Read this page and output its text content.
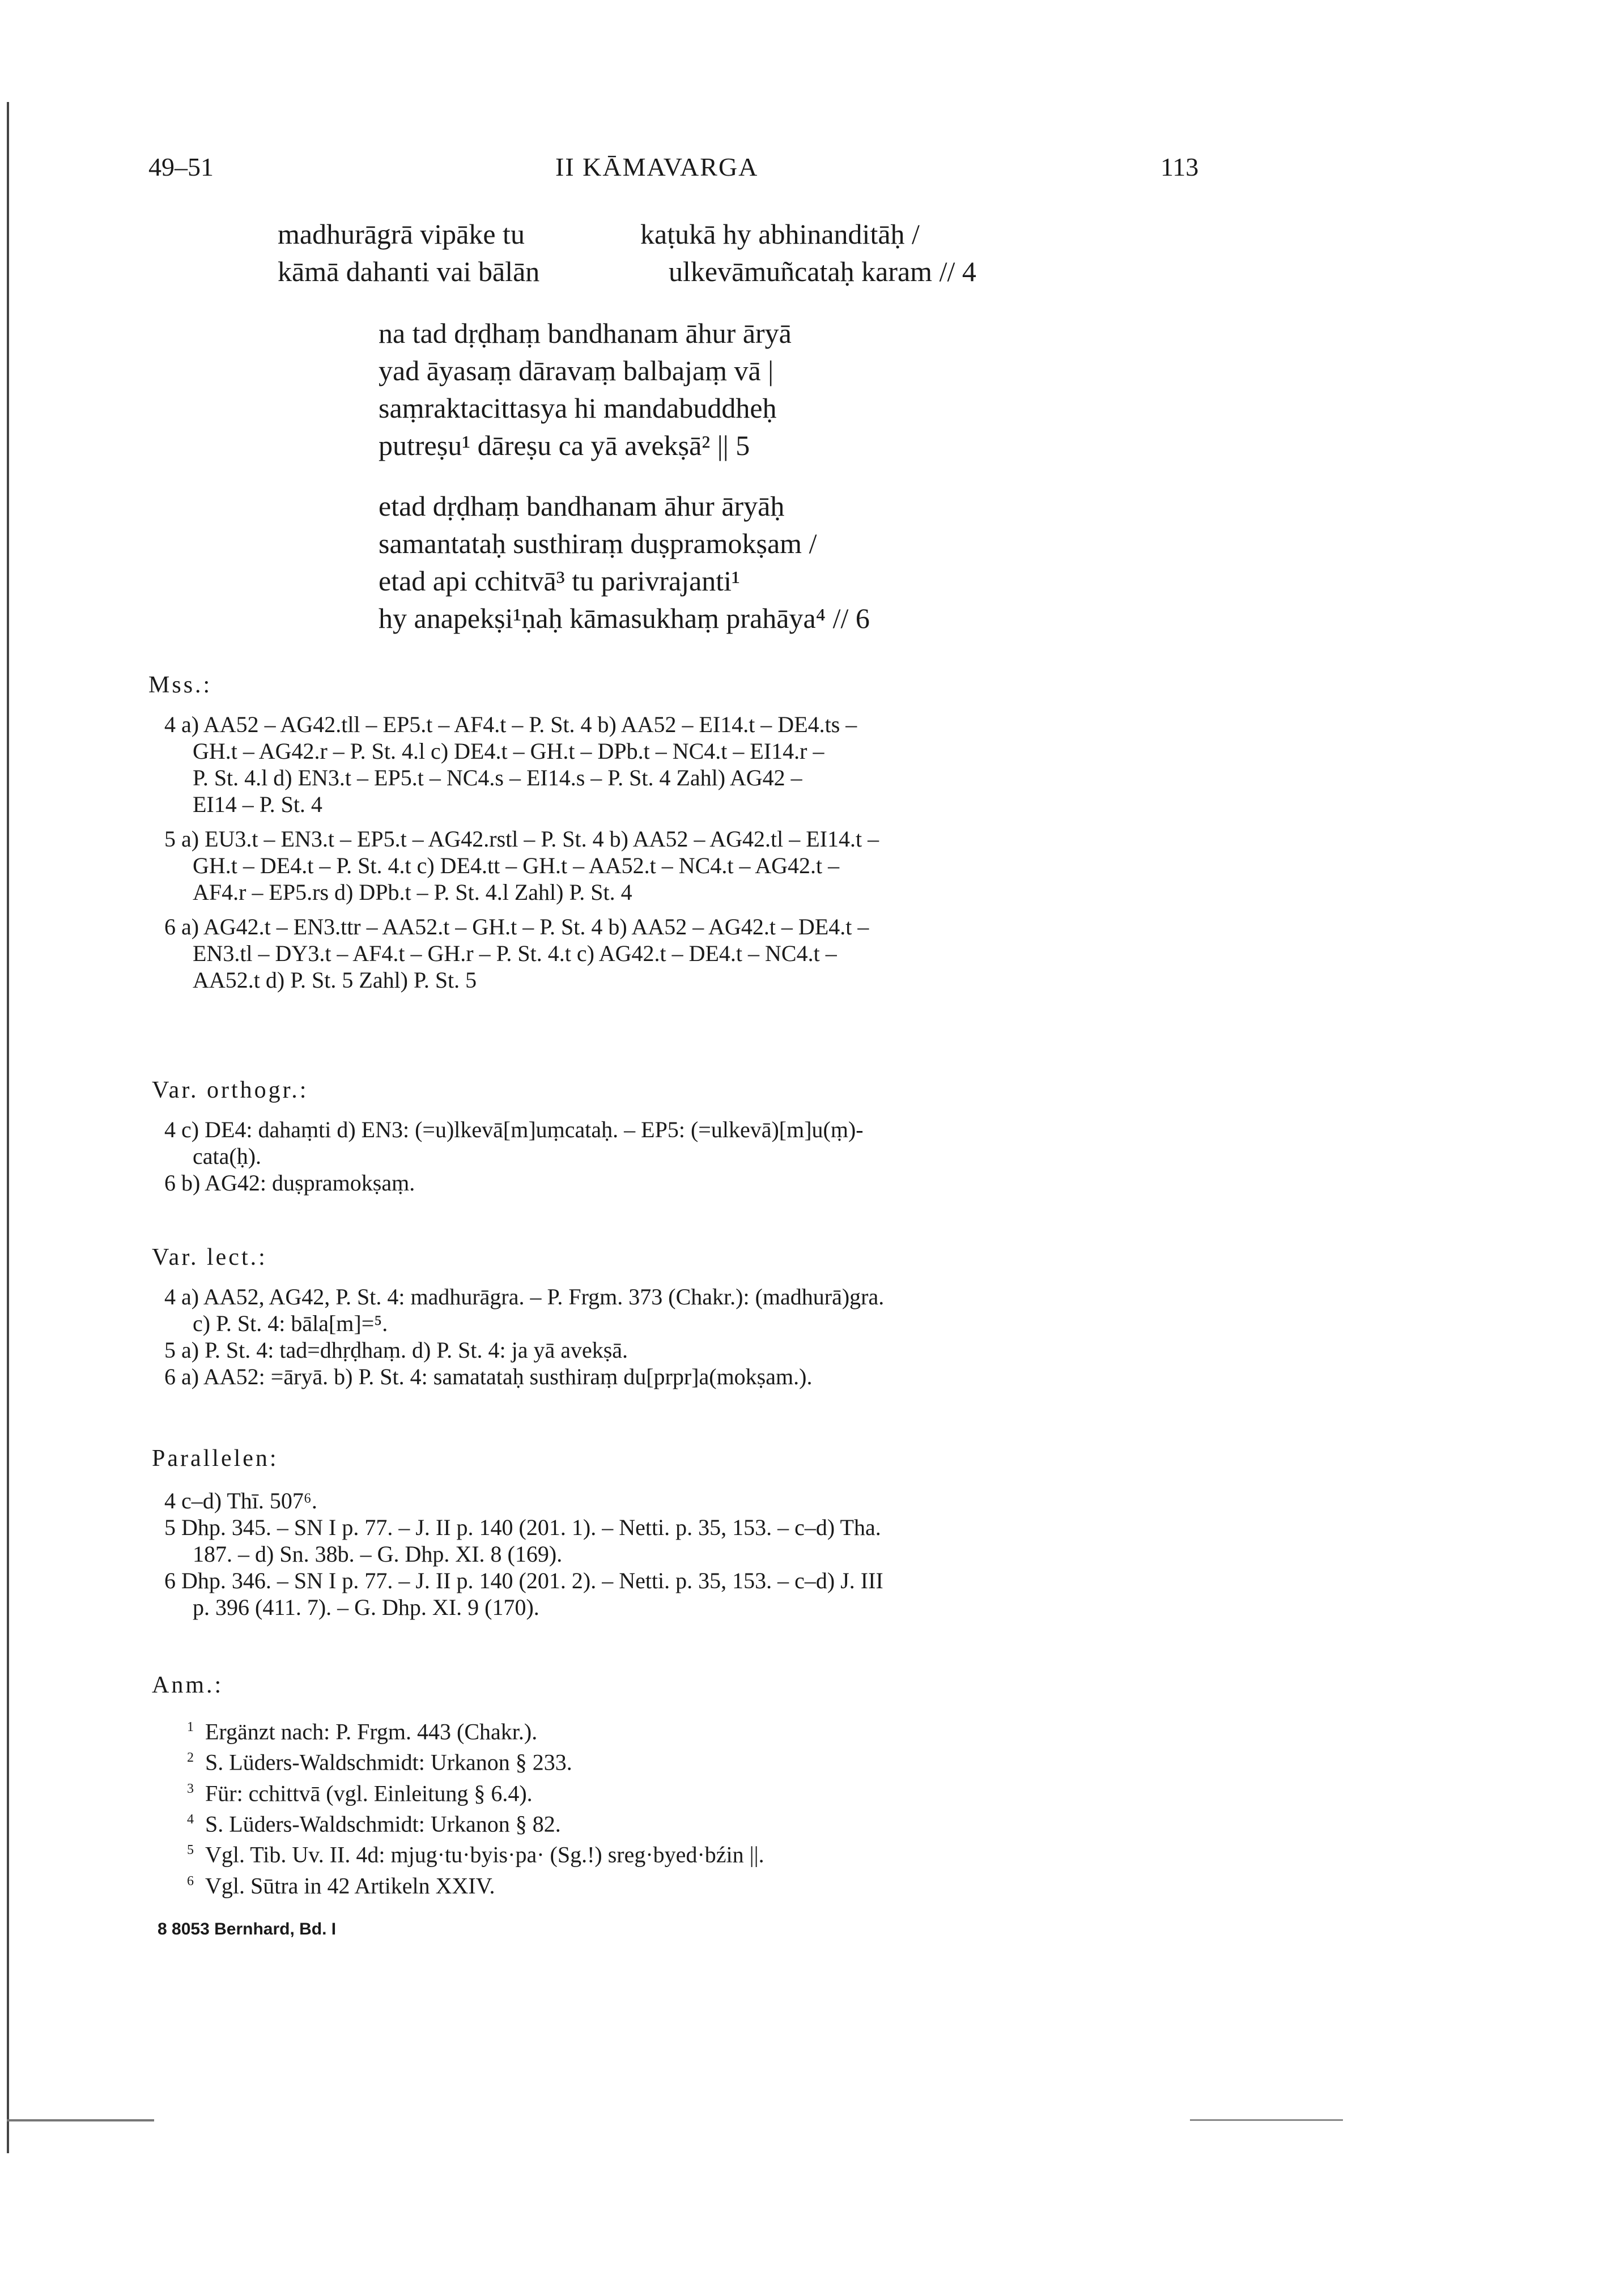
49–51	II KĀMAVARGA	113
madhurāgrā vipāke tu	kaṭukā hy abhinanditāḥ /
kāmā dahanti vai bālān	ulkevāmuñcataḥ karam // 4
na tad dṛḍhaṃ bandhanam āhur āryā
yad āyasaṃ dāravaṃ balbajaṃ vā |
saṃraktacittasya hi mandabuddheḥ
putreṣu¹ dāreṣu ca yā avekṣā² || 5
etad dṛḍhaṃ bandhanam āhur āryāḥ
samantataḥ susthiraṃ duṣpramokṣam /
etad api cchitvā³ tu parivrajanti¹
hy anapekṣi¹ṇaḥ kāmasukhaṃ prahāya⁴ // 6
Mss.:
4 a) AA52 – AG42.tll – EP5.t – AF4.t – P. St. 4 b) AA52 – EI14.t – DE4.ts –
GH.t – AG42.r – P. St. 4.l c) DE4.t – GH.t – DPb.t – NC4.t – EI14.r –
P. St. 4.l d) EN3.t – EP5.t – NC4.s – EI14.s – P. St. 4 Zahl) AG42 –
EI14 – P. St. 4
5 a) EU3.t – EN3.t – EP5.t – AG42.rstl – P. St. 4 b) AA52 – AG42.tl – EI14.t –
GH.t – DE4.t – P. St. 4.t c) DE4.tt – GH.t – AA52.t – NC4.t – AG42.t –
AF4.r – EP5.rs d) DPb.t – P. St. 4.l Zahl) P. St. 4
6 a) AG42.t – EN3.ttr – AA52.t – GH.t – P. St. 4 b) AA52 – AG42.t – DE4.t –
EN3.tl – DY3.t – AF4.t – GH.r – P. St. 4.t c) AG42.t – DE4.t – NC4.t –
AA52.t d) P. St. 5 Zahl) P. St. 5
Var. orthogr.:
4 c) DE4: dahaṃti d) EN3: (=u)lkevā[m]uṃcataḥ. – EP5: (=ulkevā)[m]u(ṃ)-
cata(ḥ).
6 b) AG42: duṣpramokṣaṃ.
Var. lect.:
4 a) AA52, AG42, P. St. 4: madhurāgra. – P. Frgm. 373 (Chakr.): (madhurā)gra.
c) P. St. 4: bāla[m]=⁵.
5 a) P. St. 4: tad=dhṛḍhaṃ. d) P. St. 4: ja yā avekṣā.
6 a) AA52: =āryā. b) P. St. 4: samatataḥ susthiraṃ du[prpr]a(mokṣam.).
Parallelen:
4 c–d) Thī. 507⁶.
5 Dhp. 345. – SN I p. 77. – J. II p. 140 (201. 1). – Netti. p. 35, 153. – c–d) Tha.
187. – d) Sn. 38b. – G. Dhp. XI. 8 (169).
6 Dhp. 346. – SN I p. 77. – J. II p. 140 (201. 2). – Netti. p. 35, 153. – c–d) J. III
p. 396 (411. 7). – G. Dhp. XI. 9 (170).
Anm.:
$^1$ Ergänzt nach: P. Frgm. 443 (Chakr.).
$^2$ S. Lüders-Waldschmidt: Urkanon § 233.
$^3$ Für: cchittvā (vgl. Einleitung § 6.4).
$^4$ S. Lüders-Waldschmidt: Urkanon § 82.
$^5$ Vgl. Tib. Uv. II. 4d: mjug·tu·byis·pa· (Sg.!) sreg·byed·bźin ||.
$^6$ Vgl. Sūtra in 42 Artikeln XXIV.
8 8053 Bernhard, Bd. I
